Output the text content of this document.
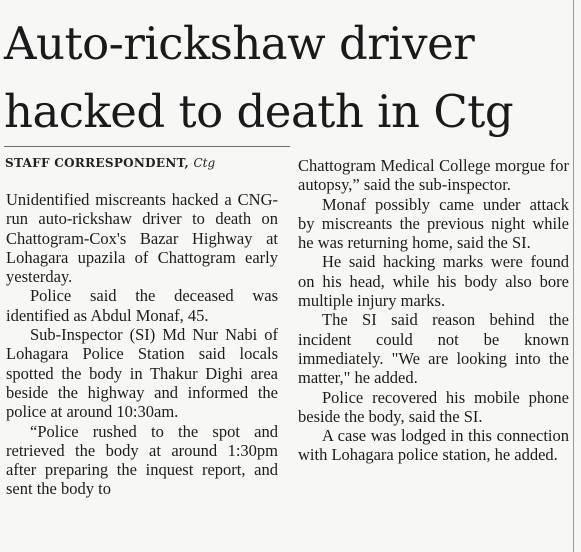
Auto-rickshaw driver
hacked to death in Ctg
STAFF CORRESPONDENT, Ctg

Unidentified miscreants hacked a CNG-run auto-rickshaw driver to death on Chattogram-Cox's Bazar Highway at Lohagara upazila of Chattogram early yesterday.

Police said the deceased was identified as Abdul Monaf, 45.

Sub-Inspector (SI) Md Nur Nabi of Lohagara Police Station said locals spotted the body in Thakur Dighi area beside the highway and informed the police at around 10:30am.

“Police rushed to the spot and retrieved the body at around 1:30pm after preparing the inquest report, and sent the body to

Chattogram Medical College morgue for autopsy,” said the sub-inspector.

Monaf possibly came under attack by miscreants the previous night while he was returning home, said the SI.

He said hacking marks were found on his head, while his body also bore multiple injury marks.

The SI said reason behind the incident could not be known immediately. "We are looking into the matter," he added.

Police recovered his mobile phone beside the body, said the SI.

A case was lodged in this connection with Lohagara police station, he added.
